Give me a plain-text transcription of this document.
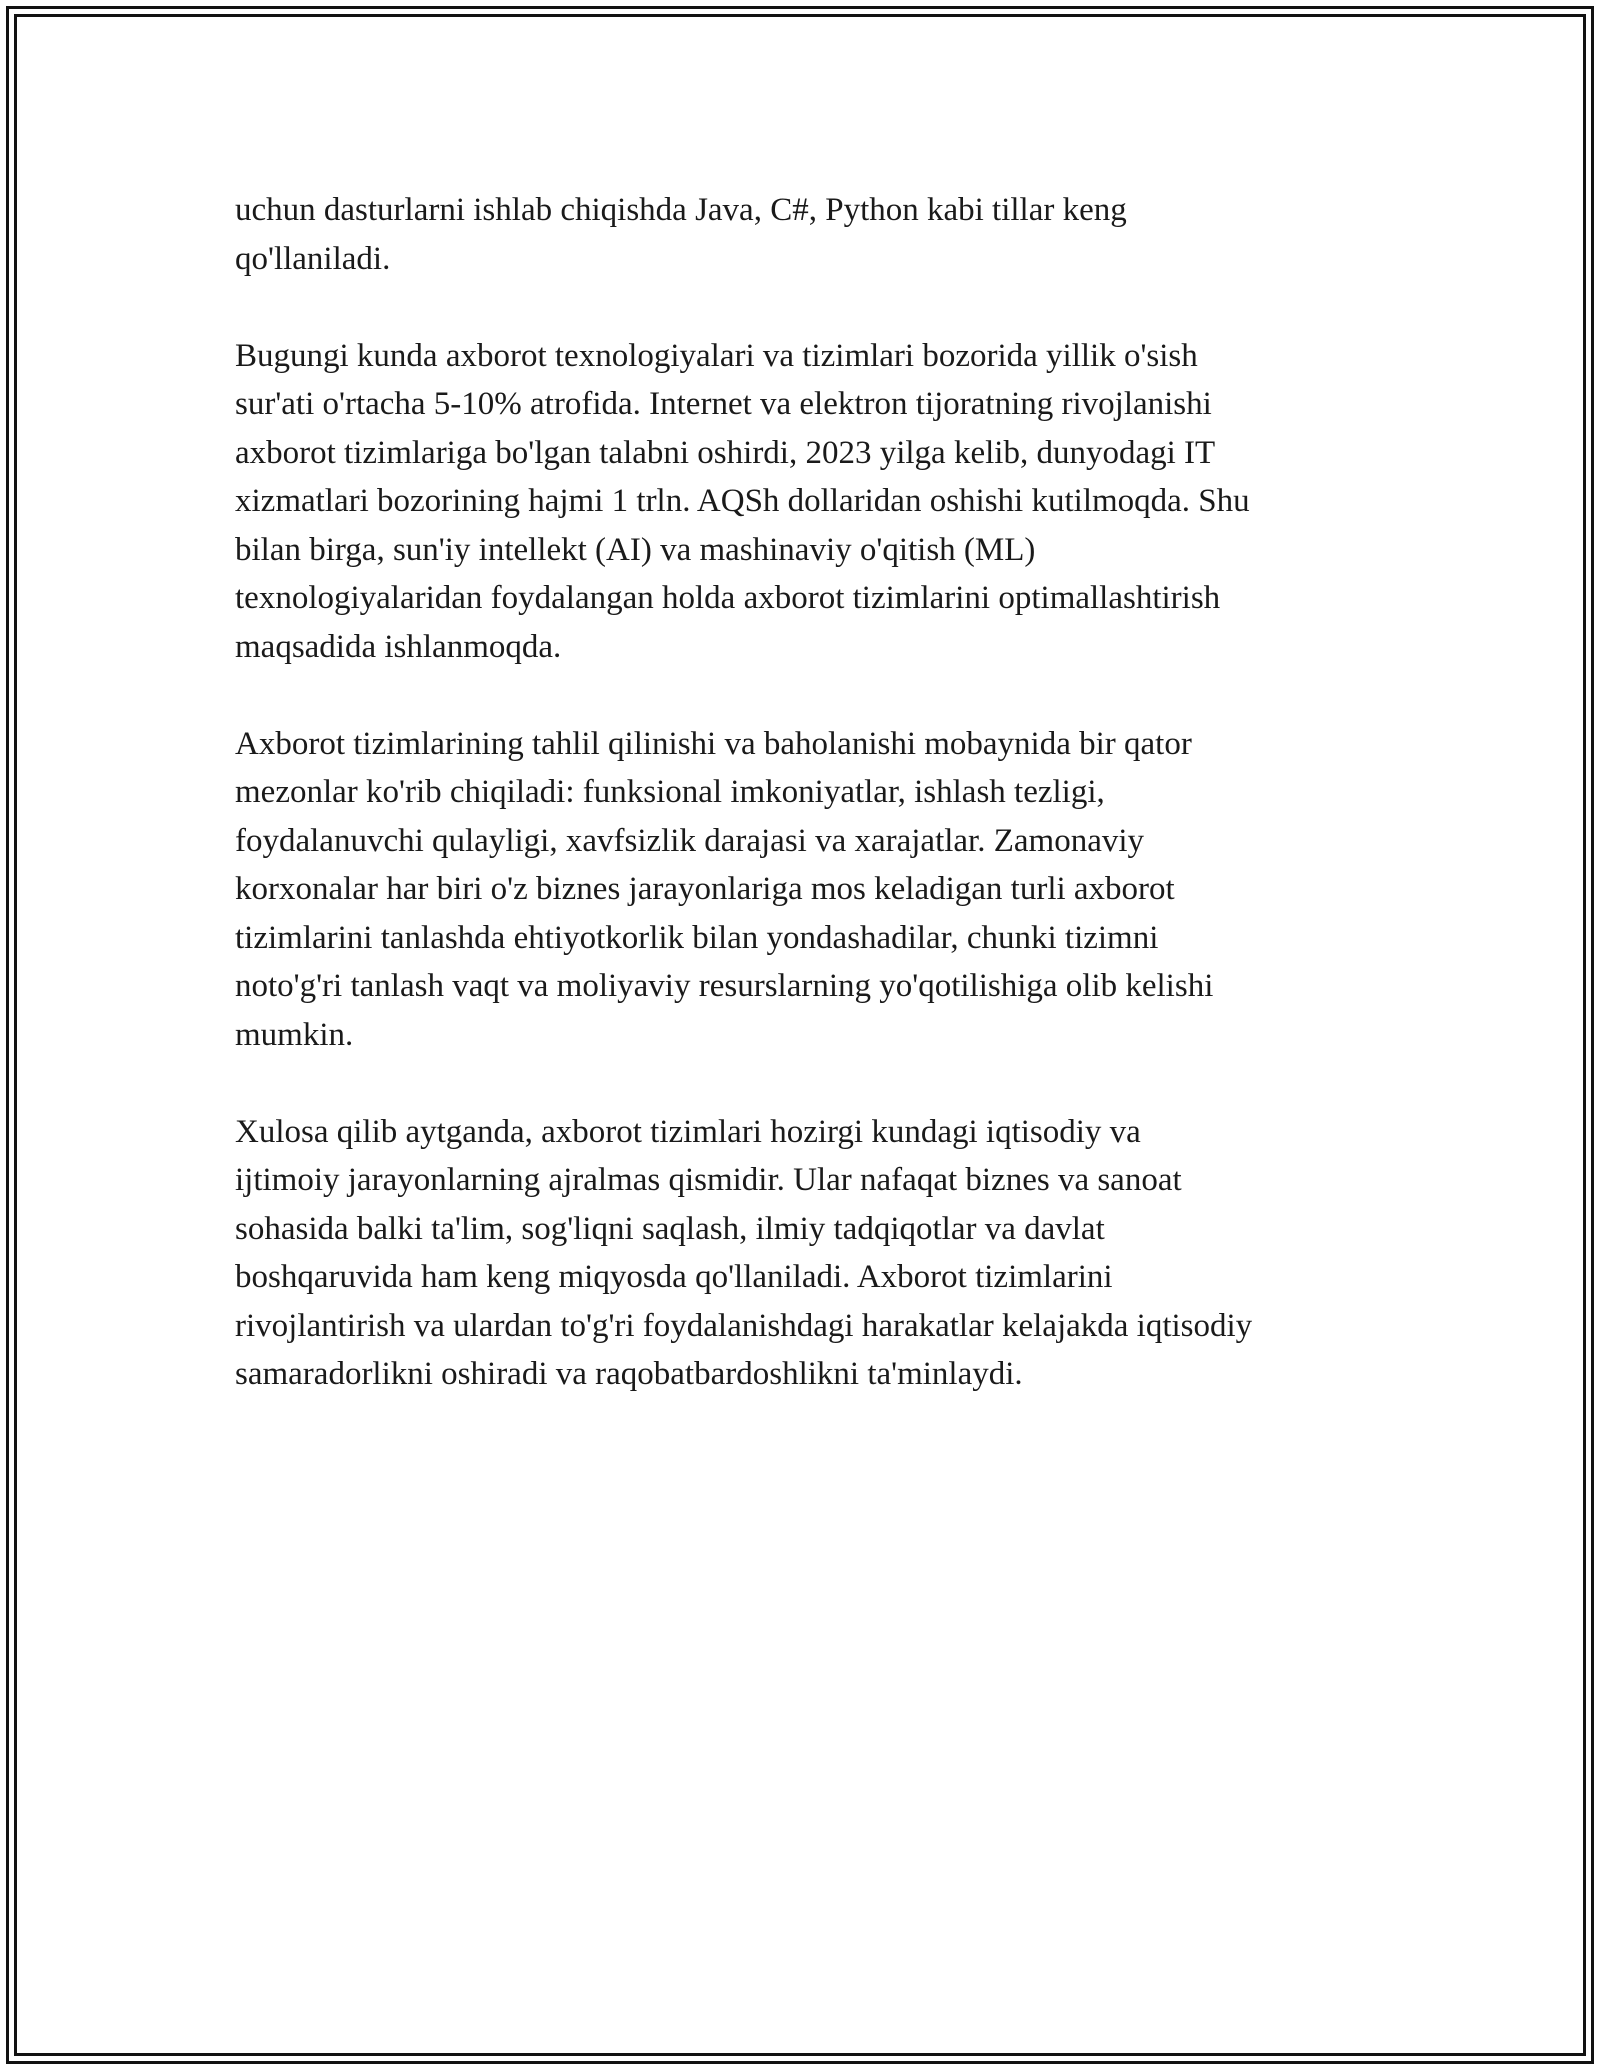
uchun dasturlarni ishlab chiqishda Java, C#, Python kabi tillar keng
qo'llaniladi.

Bugungi kunda axborot texnologiyalari va tizimlari bozorida yillik o'sish
sur'ati o'rtacha 5-10% atrofida. Internet va elektron tijoratning rivojlanishi
axborot tizimlariga bo'lgan talabni oshirdi, 2023 yilga kelib, dunyodagi IT
xizmatlari bozorining hajmi 1 trln. AQSh dollaridan oshishi kutilmoqda. Shu
bilan birga, sun'iy intellekt (AI) va mashinaviy o'qitish (ML)
texnologiyalaridan foydalangan holda axborot tizimlarini optimallashtirish
maqsadida ishlanmoqda.

Axborot tizimlarining tahlil qilinishi va baholanishi mobaynida bir qator
mezonlar ko'rib chiqiladi: funksional imkoniyatlar, ishlash tezligi,
foydalanuvchi qulayligi, xavfsizlik darajasi va xarajatlar. Zamonaviy
korxonalar har biri o'z biznes jarayonlariga mos keladigan turli axborot
tizimlarini tanlashda ehtiyotkorlik bilan yondashadilar, chunki tizimni
noto'g'ri tanlash vaqt va moliyaviy resurslarning yo'qotilishiga olib kelishi
mumkin.

Xulosa qilib aytganda, axborot tizimlari hozirgi kundagi iqtisodiy va
ijtimoiy jarayonlarning ajralmas qismidir. Ular nafaqat biznes va sanoat
sohasida balki ta'lim, sog'liqni saqlash, ilmiy tadqiqotlar va davlat
boshqaruvida ham keng miqyosda qo'llaniladi. Axborot tizimlarini
rivojlantirish va ulardan to'g'ri foydalanishdagi harakatlar kelajakda iqtisodiy
samaradorlikni oshiradi va raqobatbardoshlikni ta'minlaydi.
